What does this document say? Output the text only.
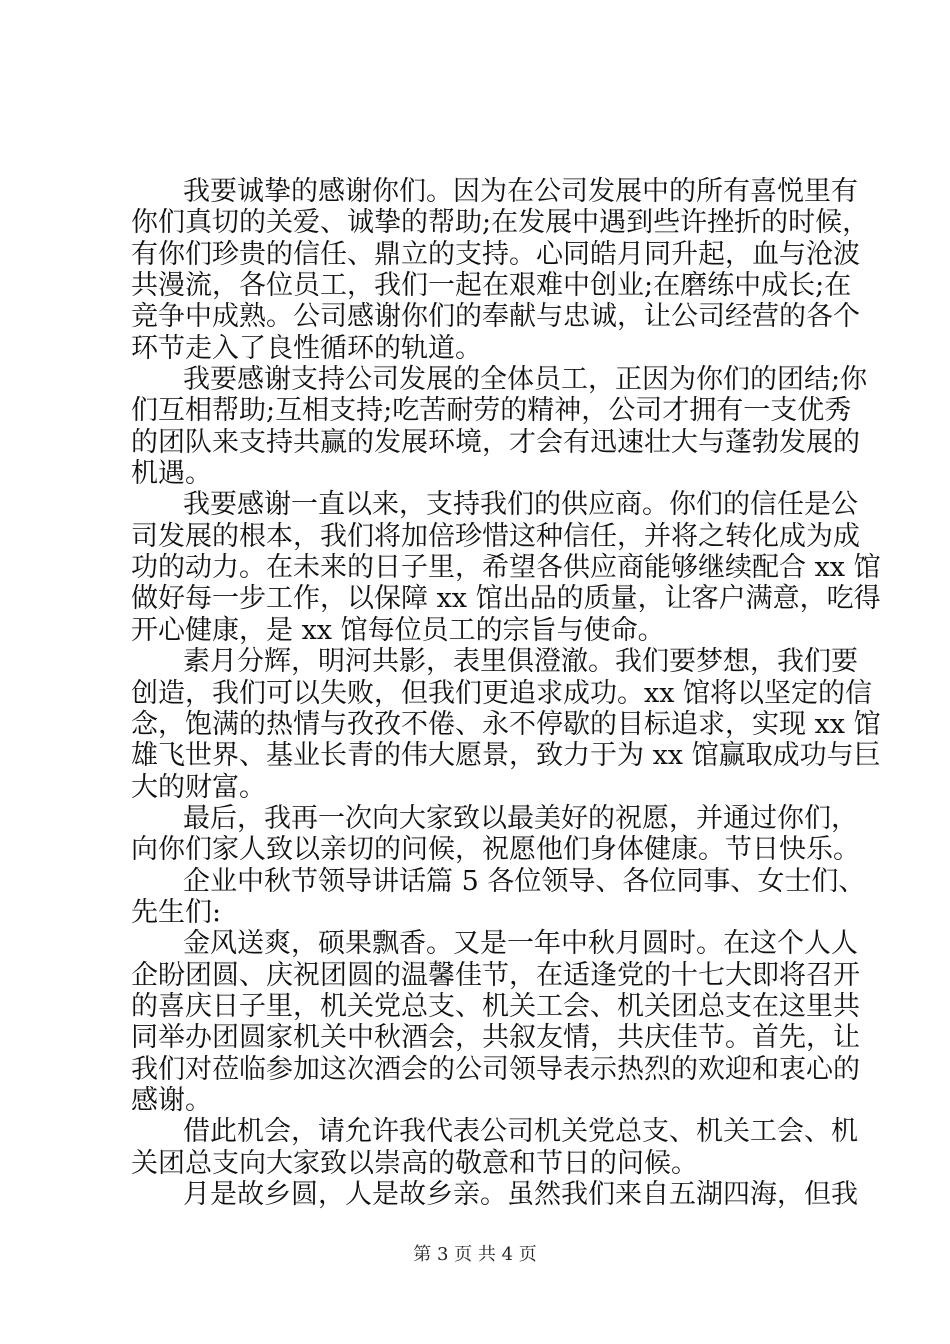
我要诚挚的感谢你们。因为在公司发展中的所有喜悦里有
你们真切的关爱、诚挚的帮助;在发展中遇到些许挫折的时候，
有你们珍贵的信任、鼎立的支持。心同皓月同升起，血与沧波
共漫流，各位员工，我们一起在艰难中创业;在磨练中成长;在
竞争中成熟。公司感谢你们的奉献与忠诚，让公司经营的各个
环节走入了良性循环的轨道。
我要感谢支持公司发展的全体员工，正因为你们的团结;你
们互相帮助;互相支持;吃苦耐劳的精神，公司才拥有一支优秀
的团队来支持共赢的发展环境，才会有迅速壮大与蓬勃发展的
机遇。
我要感谢一直以来，支持我们的供应商。你们的信任是公
司发展的根本，我们将加倍珍惜这种信任，并将之转化成为成
功的动力。在未来的日子里，希望各供应商能够继续配合 xx 馆
做好每一步工作，以保障 xx 馆出品的质量，让客户满意，吃得
开心健康，是 xx 馆每位员工的宗旨与使命。
素月分辉，明河共影，表里俱澄澈。我们要梦想，我们要
创造，我们可以失败，但我们更追求成功。xx 馆将以坚定的信
念，饱满的热情与孜孜不倦、永不停歇的目标追求，实现 xx 馆
雄飞世界、基业长青的伟大愿景，致力于为 xx 馆赢取成功与巨
大的财富。
最后，我再一次向大家致以最美好的祝愿，并通过你们，
向你们家人致以亲切的问候，祝愿他们身体健康。节日快乐。
企业中秋节领导讲话篇 5 各位领导、各位同事、女士们、
先生们:
金风送爽，硕果飘香。又是一年中秋月圆时。在这个人人
企盼团圆、庆祝团圆的温馨佳节，在适逢党的十七大即将召开
的喜庆日子里，机关党总支、机关工会、机关团总支在这里共
同举办团圆家机关中秋酒会，共叙友情，共庆佳节。首先，让
我们对莅临参加这次酒会的公司领导表示热烈的欢迎和衷心的
感谢。
借此机会，请允许我代表公司机关党总支、机关工会、机
关团总支向大家致以崇高的敬意和节日的问候。
月是故乡圆，人是故乡亲。虽然我们来自五湖四海，但我
第 3 页 共 4 页
